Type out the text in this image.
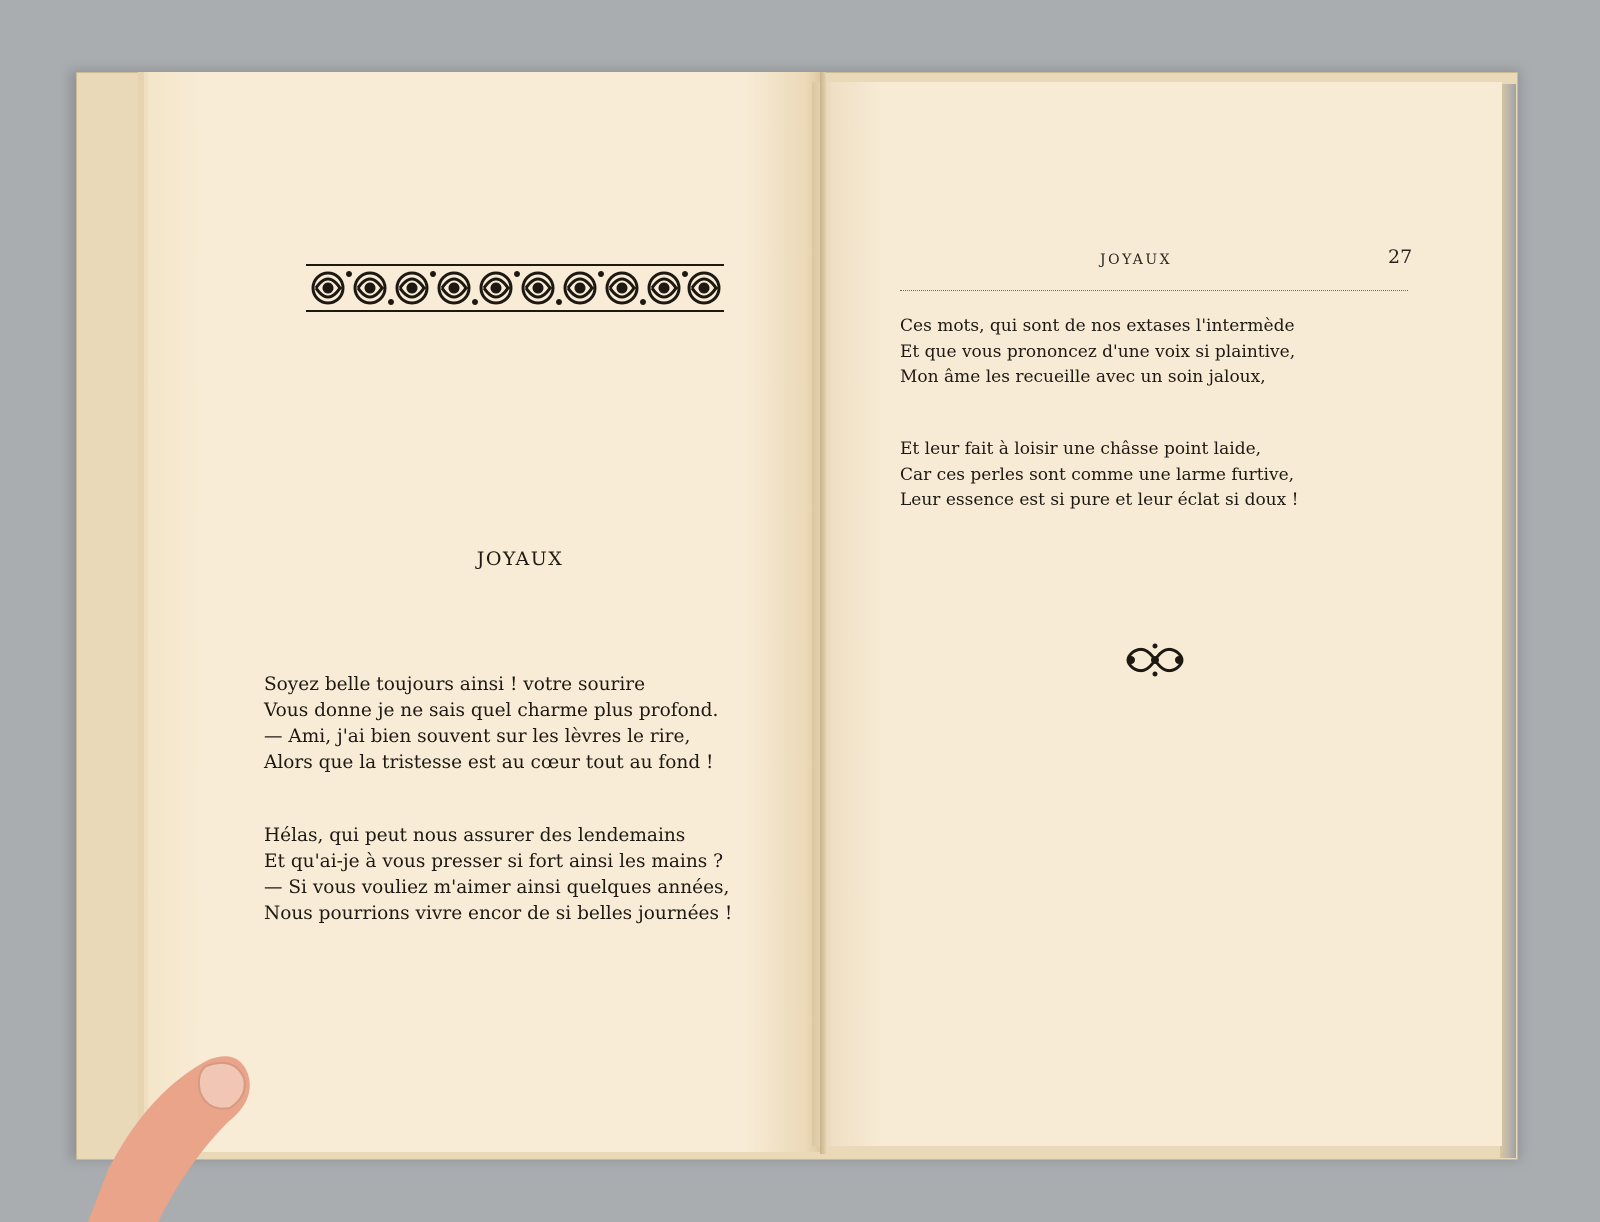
JOYAUX
Soyez belle toujours ainsi ! votre sourire
Vous donne je ne sais quel charme plus profond.
— Ami, j'ai bien souvent sur les lèvres le rire,
Alors que la tristesse est au cœur tout au fond !
Hélas, qui peut nous assurer des lendemains
Et qu'ai-je à vous presser si fort ainsi les mains ?
— Si vous vouliez m'aimer ainsi quelques années,
Nous pourrions vivre encor de si belles journées !
JOYAUX	27
Ces mots, qui sont de nos extases l'intermède
Et que vous prononcez d'une voix si plaintive,
Mon âme les recueille avec un soin jaloux,
Et leur fait à loisir une châsse point laide,
Car ces perles sont comme une larme furtive,
Leur essence est si pure et leur éclat si doux !
